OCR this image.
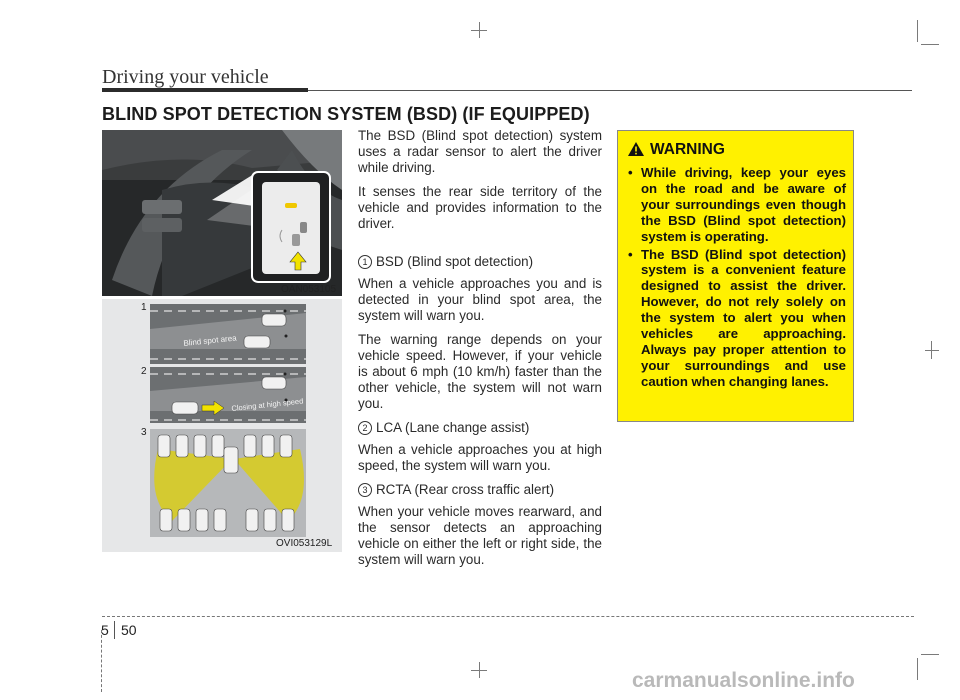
Driving your vehicle
BLIND SPOT DETECTION SYSTEM (BSD) (IF EQUIPPED)
OAN053105
1
2
3
Blind spot area
Closing at high speed
OVI053129L

The BSD (Blind spot detection) system uses a radar sensor to alert the driver while driving.

It senses the rear side territory of the vehicle and provides information to the driver.

1 BSD (Blind spot detection)

When a vehicle approaches you and is detected in your blind spot area, the system will warn you.

The warning range depends on your vehicle speed. However, if your vehicle is about 6 mph (10 km/h) faster than the other vehicle, the system will not warn you.

2 LCA (Lane change assist)

When a vehicle approaches you at high speed, the system will warn you.

3 RCTA (Rear cross traffic alert)

When your vehicle moves rearward, and the sensor detects an approaching vehicle on either the left or right side, the system will warn you.

WARNING
• While driving, keep your eyes on the road and be aware of your surroundings even though the BSD (Blind spot detection) system is operating.
• The BSD (Blind spot detection) system is a convenient feature designed to assist the driver. However, do not rely solely on the system to alert you when vehicles are approaching. Always pay proper attention to your surroundings and use caution when changing lanes.
5 50
carmanualsonline.info
